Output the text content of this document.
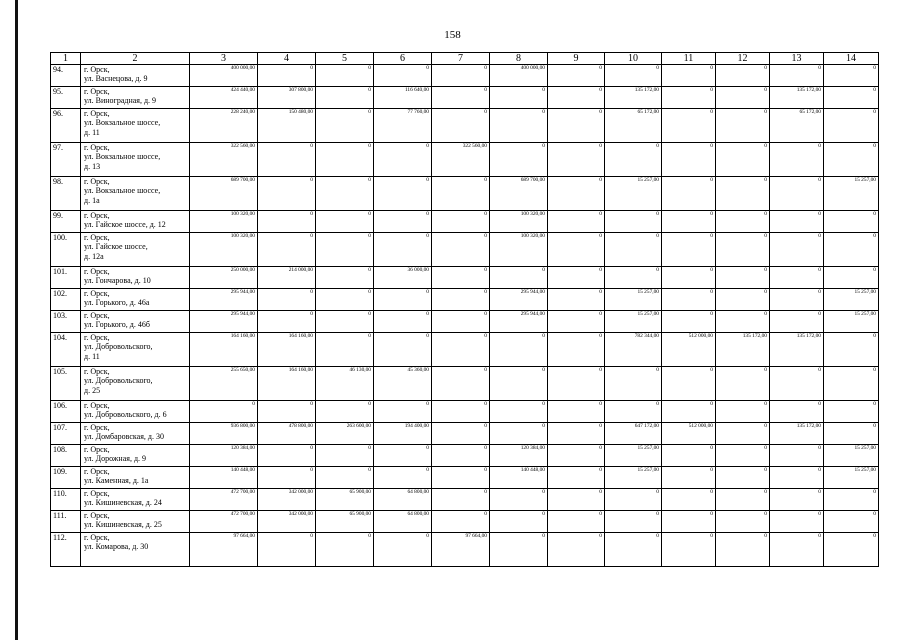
158
1	2	3	4	5	6	7	8	9	10	11	12	13	14
94.	г. Орск,
ул. Васнецова, д. 9	400 000,00	0	0	0	0	400 000,00	0	0	0	0	0	0
95.	г. Орск,
ул. Виноградная, д. 9	424 440,00	307 800,00	0	116 640,00	0	0	0	135 172,00	0	0	135 172,00	0
96.	г. Орск,
ул. Вокзальное шоссе,
д. 11	228 240,00	150 480,00	0	77 760,00	0	0	0	65 172,00	0	0	65 172,00	0
97.	г. Орск,
ул. Вокзальное шоссе,
д. 13	322 560,00	0	0	0	322 560,00	0	0	0	0	0	0	0
98.	г. Орск,
ул. Вокзальное шоссе,
д. 1а	689 700,00	0	0	0	0	689 700,00	0	15 257,00	0	0	0	15 257,00
99.	г. Орск,
ул. Гайское шоссе, д. 12	100 320,00	0	0	0	0	100 320,00	0	0	0	0	0	0
100.	г. Орск,
ул. Гайское шоссе,
д. 12а	100 320,00	0	0	0	0	100 320,00	0	0	0	0	0	0
101.	г. Орск,
ул. Гончарова, д. 10	250 000,00	214 000,00	0	36 000,00	0	0	0	0	0	0	0	0
102.	г. Орск,
ул. Горького, д. 46а	295 944,00	0	0	0	0	295 944,00	0	15 257,00	0	0	0	15 257,00
103.	г. Орск,
ул. Горького, д. 46б	295 944,00	0	0	0	0	295 944,00	0	15 257,00	0	0	0	15 257,00
104.	г. Орск,
ул. Добровольского,
д. 11	164 160,00	164 160,00	0	0	0	0	0	782 344,00	512 000,00	135 172,00	135 172,00	0
105.	г. Орск,
ул. Добровольского,
д. 25	255 650,00	164 160,00	46 130,00	45 360,00	0	0	0	0	0	0	0	0
106.	г. Орск,
ул. Добровольского, д. 6	0	0	0	0	0	0	0	0	0	0	0	0
107.	г. Орск,
ул. Домбаровская, д. 30	936 800,00	478 800,00	263 600,00	194 400,00	0	0	0	647 172,00	512 000,00	0	135 172,00	0
108.	г. Орск,
ул. Дорожная, д. 9	120 384,00	0	0	0	0	120 384,00	0	15 257,00	0	0	0	15 257,00
109.	г. Орск,
ул. Каменная, д. 1а	140 448,00	0	0	0	0	140 448,00	0	15 257,00	0	0	0	15 257,00
110.	г. Орск,
ул. Кишиневская, д. 24	472 700,00	342 000,00	65 900,00	64 800,00	0	0	0	0	0	0	0	0
111.	г. Орск,
ул. Кишиневская, д. 25	472 700,00	342 000,00	65 900,00	64 800,00	0	0	0	0	0	0	0	0
112.	г. Орск,
ул. Комарова, д. 30	97 664,00	0	0	0	97 664,00	0	0	0	0	0	0	0
